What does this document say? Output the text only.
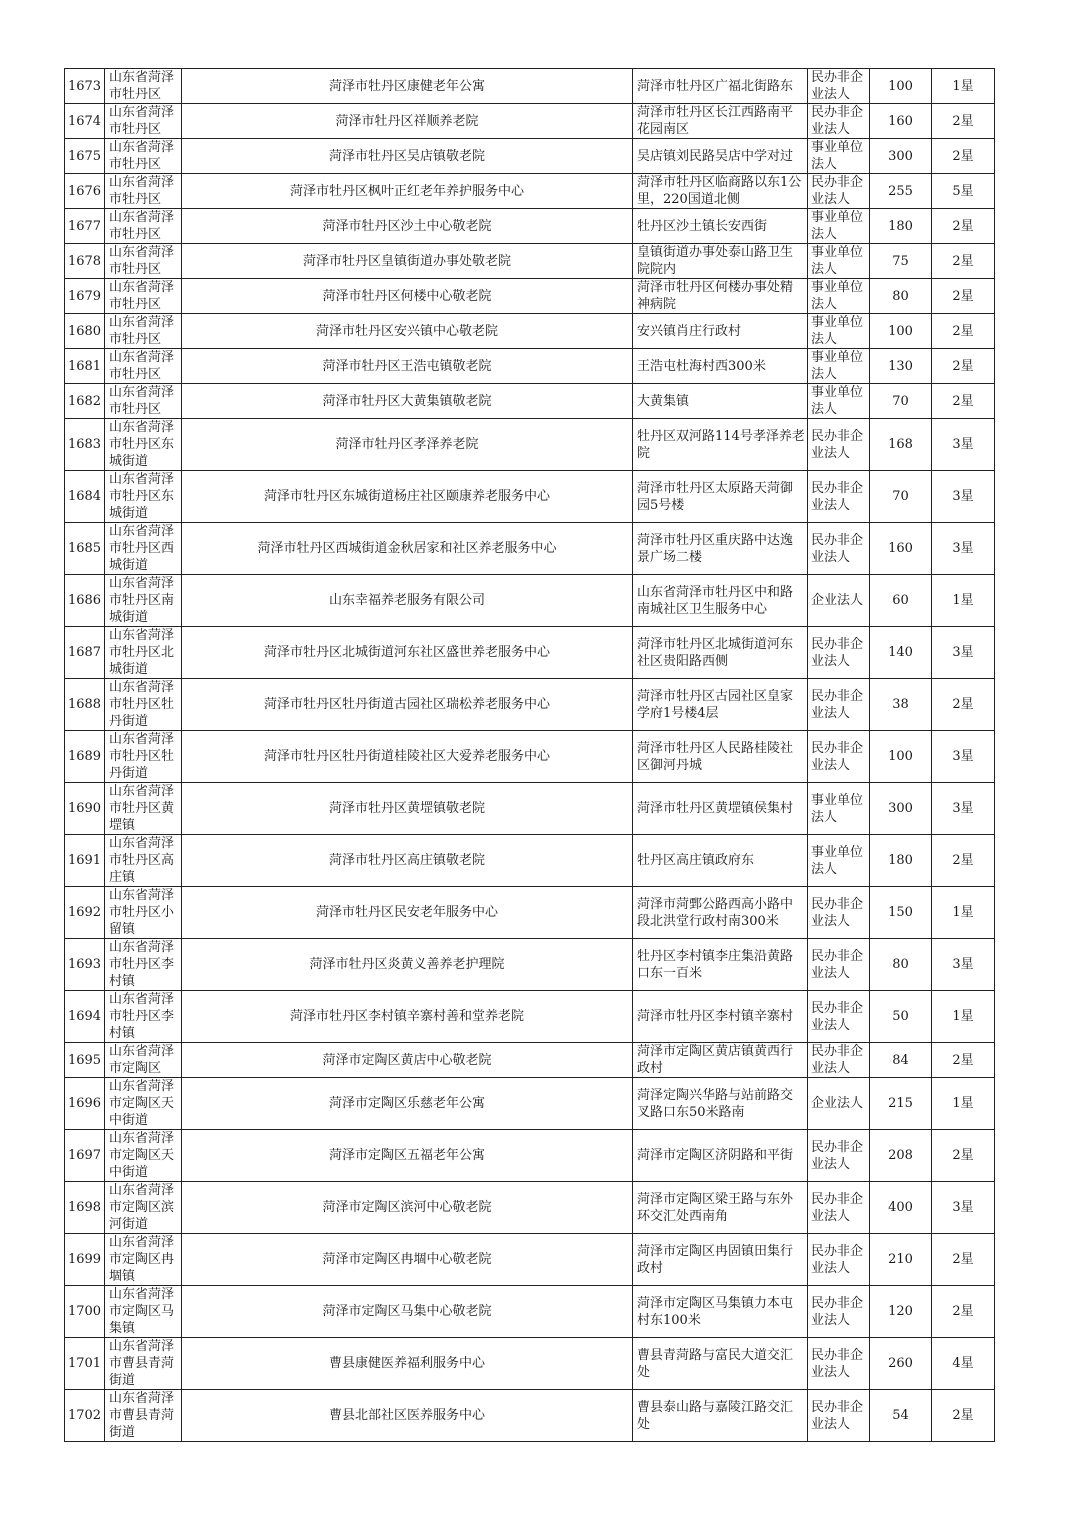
1673	山东省菏泽市牡丹区	菏泽市牡丹区康健老年公寓	菏泽市牡丹区广福北街路东	民办非企业法人	100	1星
1674	山东省菏泽市牡丹区	菏泽市牡丹区祥顺养老院	菏泽市牡丹区长江西路南平花园南区	民办非企业法人	160	2星
1675	山东省菏泽市牡丹区	菏泽市牡丹区吴店镇敬老院	吴店镇刘民路吴店中学对过	事业单位法人	300	2星
1676	山东省菏泽市牡丹区	菏泽市牡丹区枫叶正红老年养护服务中心	菏泽市牡丹区临商路以东1公里，220国道北侧	民办非企业法人	255	5星
1677	山东省菏泽市牡丹区	菏泽市牡丹区沙土中心敬老院	牡丹区沙土镇长安西街	事业单位法人	180	2星
1678	山东省菏泽市牡丹区	菏泽市牡丹区皇镇街道办事处敬老院	皇镇街道办事处泰山路卫生院院内	事业单位法人	75	2星
1679	山东省菏泽市牡丹区	菏泽市牡丹区何楼中心敬老院	菏泽市牡丹区何楼办事处精神病院	事业单位法人	80	2星
1680	山东省菏泽市牡丹区	菏泽市牡丹区安兴镇中心敬老院	安兴镇肖庄行政村	事业单位法人	100	2星
1681	山东省菏泽市牡丹区	菏泽市牡丹区王浩屯镇敬老院	王浩屯杜海村西300米	事业单位法人	130	2星
1682	山东省菏泽市牡丹区	菏泽市牡丹区大黄集镇敬老院	大黄集镇	事业单位法人	70	2星
1683	山东省菏泽市牡丹区东城街道	菏泽市牡丹区孝泽养老院	牡丹区双河路114号孝泽养老院	民办非企业法人	168	3星
1684	山东省菏泽市牡丹区东城街道	菏泽市牡丹区东城街道杨庄社区颐康养老服务中心	菏泽市牡丹区太原路天菏御园5号楼	民办非企业法人	70	3星
1685	山东省菏泽市牡丹区西城街道	菏泽市牡丹区西城街道金秋居家和社区养老服务中心	菏泽市牡丹区重庆路中达逸景广场二楼	民办非企业法人	160	3星
1686	山东省菏泽市牡丹区南城街道	山东幸福养老服务有限公司	山东省菏泽市牡丹区中和路南城社区卫生服务中心	企业法人	60	1星
1687	山东省菏泽市牡丹区北城街道	菏泽市牡丹区北城街道河东社区盛世养老服务中心	菏泽市牡丹区北城街道河东社区贵阳路西侧	民办非企业法人	140	3星
1688	山东省菏泽市牡丹区牡丹街道	菏泽市牡丹区牡丹街道古园社区瑞松养老服务中心	菏泽市牡丹区古园社区皇家学府1号楼4层	民办非企业法人	38	2星
1689	山东省菏泽市牡丹区牡丹街道	菏泽市牡丹区牡丹街道桂陵社区大爱养老服务中心	菏泽市牡丹区人民路桂陵社区御河丹城	民办非企业法人	100	3星
1690	山东省菏泽市牡丹区黄堽镇	菏泽市牡丹区黄堽镇敬老院	菏泽市牡丹区黄堽镇侯集村	事业单位法人	300	3星
1691	山东省菏泽市牡丹区高庄镇	菏泽市牡丹区高庄镇敬老院	牡丹区高庄镇政府东	事业单位法人	180	2星
1692	山东省菏泽市牡丹区小留镇	菏泽市牡丹区民安老年服务中心	菏泽市菏鄄公路西高小路中段北洪堂行政村南300米	民办非企业法人	150	1星
1693	山东省菏泽市牡丹区李村镇	菏泽市牡丹区炎黄义善养老护理院	牡丹区李村镇李庄集沿黄路口东一百米	民办非企业法人	80	3星
1694	山东省菏泽市牡丹区李村镇	菏泽市牡丹区李村镇辛寨村善和堂养老院	菏泽市牡丹区李村镇辛寨村	民办非企业法人	50	1星
1695	山东省菏泽市定陶区	菏泽市定陶区黄店中心敬老院	菏泽市定陶区黄店镇黄西行政村	民办非企业法人	84	2星
1696	山东省菏泽市定陶区天中街道	菏泽市定陶区乐慈老年公寓	菏泽定陶兴华路与站前路交叉路口东50米路南	企业法人	215	1星
1697	山东省菏泽市定陶区天中街道	菏泽市定陶区五福老年公寓	菏泽市定陶区济阴路和平街	民办非企业法人	208	2星
1698	山东省菏泽市定陶区滨河街道	菏泽市定陶区滨河中心敬老院	菏泽市定陶区梁王路与东外环交汇处西南角	民办非企业法人	400	3星
1699	山东省菏泽市定陶区冉堌镇	菏泽市定陶区冉堌中心敬老院	菏泽市定陶区冉固镇田集行政村	民办非企业法人	210	2星
1700	山东省菏泽市定陶区马集镇	菏泽市定陶区马集中心敬老院	菏泽市定陶区马集镇力本屯村东100米	民办非企业法人	120	2星
1701	山东省菏泽市曹县青菏街道	曹县康健医养福利服务中心	曹县青菏路与富民大道交汇处	民办非企业法人	260	4星
1702	山东省菏泽市曹县青菏街道	曹县北部社区医养服务中心	曹县泰山路与嘉陵江路交汇处	民办非企业法人	54	2星
